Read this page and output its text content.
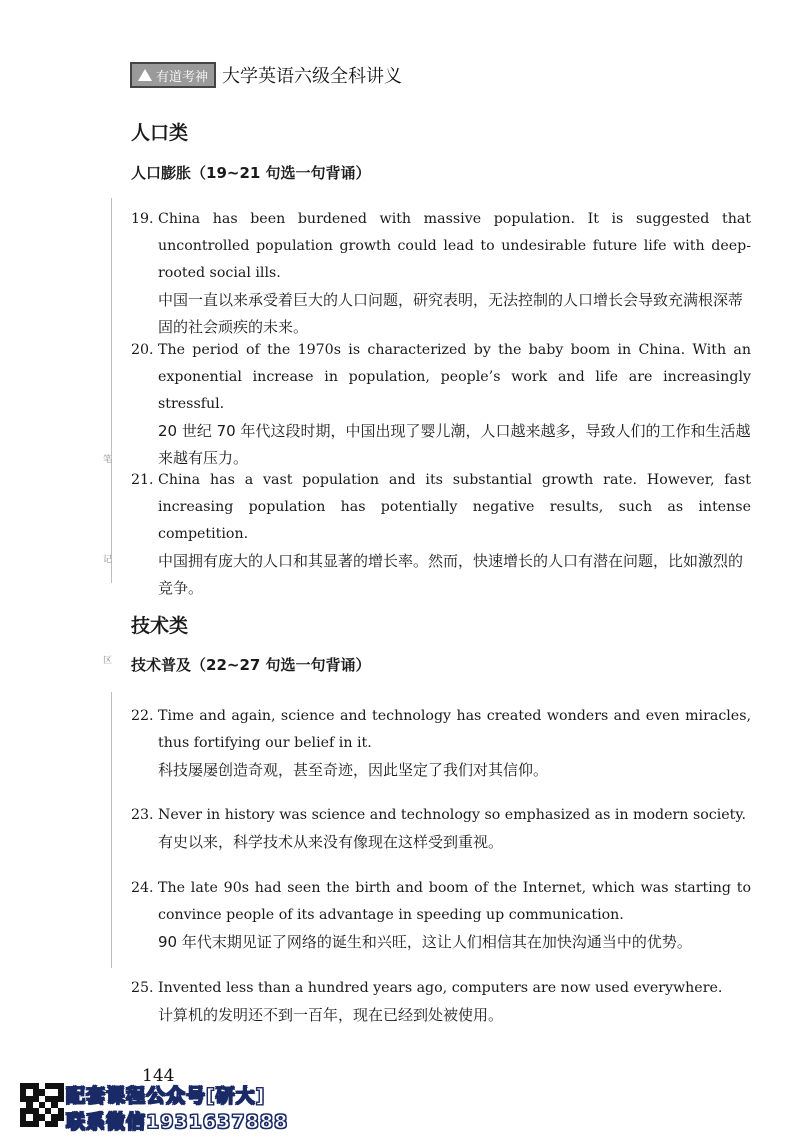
有道考神 大学英语六级全科讲义
人口类
人口膨胀（19~21 句选一句背诵）
笔
记
区
19. China has been burdened with massive population. It is suggested that uncontrolled population growth could lead to undesirable future life with deep-rooted social ills.
中国一直以来承受着巨大的人口问题，研究表明，无法控制的人口增长会导致充满根深蒂固的社会顽疾的未来。
20. The period of the 1970s is characterized by the baby boom in China. With an exponential increase in population, people’s work and life are increasingly stressful.
20 世纪 70 年代这段时期，中国出现了婴儿潮，人口越来越多，导致人们的工作和生活越来越有压力。
21. China has a vast population and its substantial growth rate. However, fast increasing population has potentially negative results, such as intense competition.
中国拥有庞大的人口和其显著的增长率。然而，快速增长的人口有潜在问题，比如激烈的竞争。
技术类
技术普及（22~27 句选一句背诵）
22. Time and again, science and technology has created wonders and even miracles, thus fortifying our belief in it.
科技屡屡创造奇观，甚至奇迹，因此坚定了我们对其信仰。
23. Never in history was science and technology so emphasized as in modern society.
有史以来，科学技术从来没有像现在这样受到重视。
24. The late 90s had seen the birth and boom of the Internet, which was starting to convince people of its advantage in speeding up communication.
90 年代末期见证了网络的诞生和兴旺，这让人们相信其在加快沟通当中的优势。
25. Invented less than a hundred years ago, computers are now used everywhere.
计算机的发明还不到一百年，现在已经到处被使用。
144
配套课程公众号[研大]
联系微信1931637888
